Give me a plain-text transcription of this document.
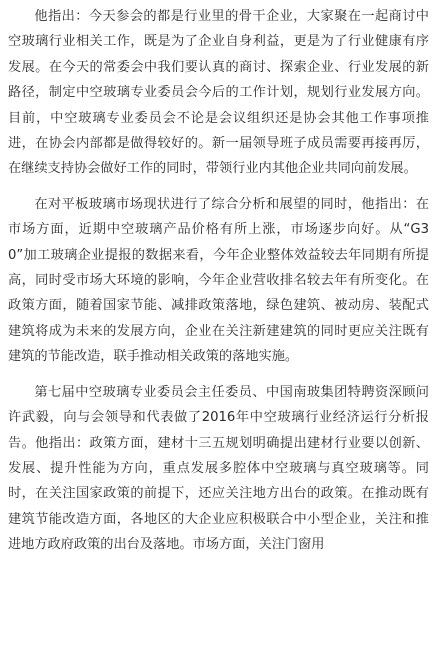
他指出：今天参会的都是行业里的骨干企业，大家聚在一起商讨中空玻璃行业相关工作，既是为了企业自身利益，更是为了行业健康有序发展。在今天的常委会中我们要认真的商讨、探索企业、行业发展的新路径，制定中空玻璃专业委员会今后的工作计划，规划行业发展方向。目前，中空玻璃专业委员会不论是会议组织还是协会其他工作事项推进，在协会内部都是做得较好的。新一届领导班子成员需要再接再厉，在继续支持协会做好工作的同时，带领行业内其他企业共同向前发展。

在对平板玻璃市场现状进行了综合分析和展望的同时，他指出：在市场方面，近期中空玻璃产品价格有所上涨，市场逐步向好。从“G30”加工玻璃企业提报的数据来看，今年企业整体效益较去年同期有所提高，同时受市场大环境的影响，今年企业营收排名较去年有所变化。在政策方面，随着国家节能、减排政策落地，绿色建筑、被动房、装配式建筑将成为未来的发展方向，企业在关注新建建筑的同时更应关注既有建筑的节能改造，联手推动相关政策的落地实施。

第七届中空玻璃专业委员会主任委员、中国南玻集团特聘资深顾问许武毅，向与会领导和代表做了2016年中空玻璃行业经济运行分析报告。他指出：政策方面，建材十三五规划明确提出建材行业要以创新、发展、提升性能为方向，重点发展多腔体中空玻璃与真空玻璃等。同时，在关注国家政策的前提下，还应关注地方出台的政策。在推动既有建筑节能改造方面，各地区的大企业应积极联合中小型企业，关注和推进地方政府政策的出台及落地。市场方面，关注门窗用
